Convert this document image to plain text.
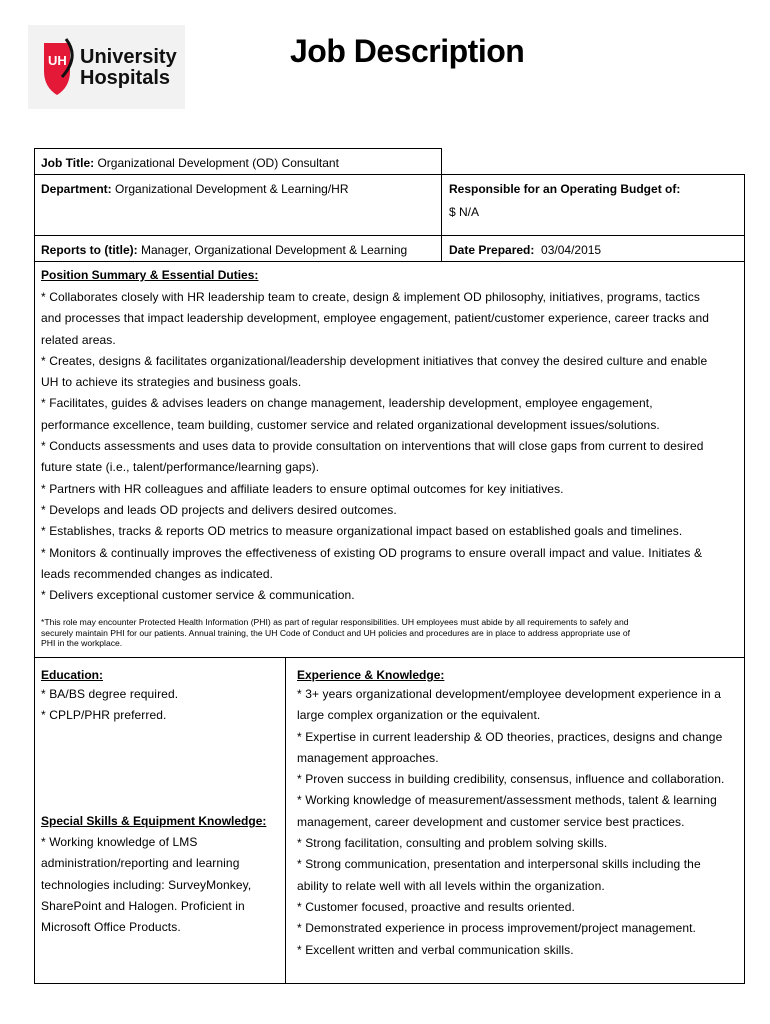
UH University
Hospitals
Job Description
Job Title: Organizational Development (OD) Consultant
Department: Organizational Development & Learning/HR	Responsible for an Operating Budget of:
$ N/A
Reports to (title): Manager, Organizational Development & Learning	Date Prepared: 03/04/2015
Position Summary & Essential Duties:
* Collaborates closely with HR leadership team to create, design & implement OD philosophy, initiatives, programs, tactics
and processes that impact leadership development, employee engagement, patient/customer experience, career tracks and
related areas.
* Creates, designs & facilitates organizational/leadership development initiatives that convey the desired culture and enable
UH to achieve its strategies and business goals.
* Facilitates, guides & advises leaders on change management, leadership development, employee engagement,
performance excellence, team building, customer service and related organizational development issues/solutions.
* Conducts assessments and uses data to provide consultation on interventions that will close gaps from current to desired
future state (i.e., talent/performance/learning gaps).
* Partners with HR colleagues and affiliate leaders to ensure optimal outcomes for key initiatives.
* Develops and leads OD projects and delivers desired outcomes.
* Establishes, tracks & reports OD metrics to measure organizational impact based on established goals and timelines.
* Monitors & continually improves the effectiveness of existing OD programs to ensure overall impact and value. Initiates &
leads recommended changes as indicated.
* Delivers exceptional customer service & communication.
*This role may encounter Protected Health Information (PHI) as part of regular responsibilities. UH employees must abide by all requirements to safely and
securely maintain PHI for our patients. Annual training, the UH Code of Conduct and UH policies and procedures are in place to address appropriate use of
PHI in the workplace.
Education:
* BA/BS degree required.
* CPLP/PHR preferred.
Special Skills & Equipment Knowledge:
* Working knowledge of LMS
administration/reporting and learning
technologies including: SurveyMonkey,
SharePoint and Halogen. Proficient in
Microsoft Office Products.
Experience & Knowledge:
* 3+ years organizational development/employee development experience in a
large complex organization or the equivalent.
* Expertise in current leadership & OD theories, practices, designs and change
management approaches.
* Proven success in building credibility, consensus, influence and collaboration.
* Working knowledge of measurement/assessment methods, talent & learning
management, career development and customer service best practices.
* Strong facilitation, consulting and problem solving skills.
* Strong communication, presentation and interpersonal skills including the
ability to relate well with all levels within the organization.
* Customer focused, proactive and results oriented.
* Demonstrated experience in process improvement/project management.
* Excellent written and verbal communication skills.
